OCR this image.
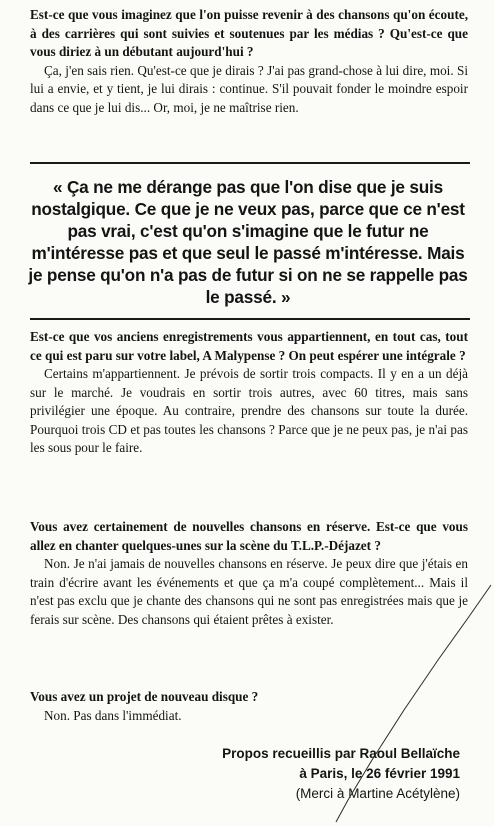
Est-ce que vous imaginez que l'on puisse revenir à des chansons qu'on écoute, à des carrières qui sont suivies et soutenues par les médias ? Qu'est-ce que vous diriez à un débutant aujourd'hui ?

Ça, j'en sais rien. Qu'est-ce que je dirais ? J'ai pas grand-chose à lui dire, moi. Si lui a envie, et y tient, je lui dirais : continue. S'il pouvait fonder le moindre espoir dans ce que je lui dis... Or, moi, je ne maîtrise rien.

« Ça ne me dérange pas que l'on dise que je suis nostalgique. Ce que je ne veux pas, parce que ce n'est pas vrai, c'est qu'on s'imagine que le futur ne m'intéresse pas et que seul le passé m'intéresse. Mais je pense qu'on n'a pas de futur si on ne se rappelle pas le passé. »

Est-ce que vos anciens enregistrements vous appartiennent, en tout cas, tout ce qui est paru sur votre label, A Malypense ? On peut espérer une intégrale ?

Certains m'appartiennent. Je prévois de sortir trois compacts. Il y en a un déjà sur le marché. Je voudrais en sortir trois autres, avec 60 titres, mais sans privilégier une époque. Au contraire, prendre des chansons sur toute la durée. Pourquoi trois CD et pas toutes les chansons ? Parce que je ne peux pas, je n'ai pas les sous pour le faire.

Vous avez certainement de nouvelles chansons en réserve. Est-ce que vous allez en chanter quelques-unes sur la scène du T.L.P.-Déjazet ?

Non. Je n'ai jamais de nouvelles chansons en réserve. Je peux dire que j'étais en train d'écrire avant les événements et que ça m'a coupé complètement... Mais il n'est pas exclu que je chante des chansons qui ne sont pas enregistrées mais que je ferais sur scène. Des chansons qui étaient prêtes à exister.

Vous avez un projet de nouveau disque ?

Non. Pas dans l'immédiat.

Propos recueillis par Raoul Bellaïche
à Paris, le 26 février 1991
(Merci à Martine Acétylène)
